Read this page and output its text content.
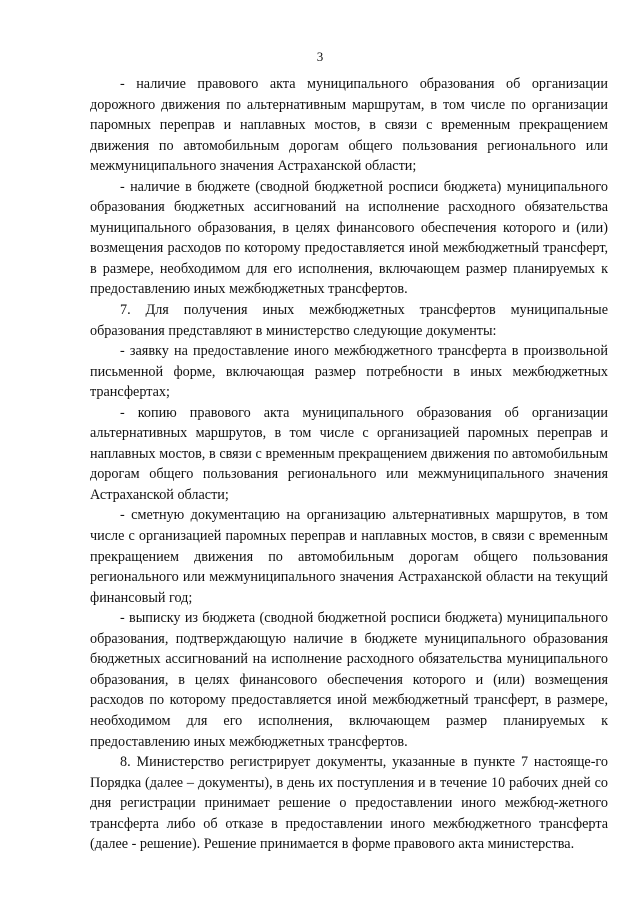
3

- наличие правового акта муниципального образования об организации дорожного движения по альтернативным маршрутам, в том числе по организации паромных переправ и наплавных мостов, в связи с временным прекращением движения по автомобильным дорогам общего пользования регионального или межмуниципального значения Астраханской области;

- наличие в бюджете (сводной бюджетной росписи бюджета) муниципального образования бюджетных ассигнований на исполнение расходного обязательства муниципального образования, в целях финансового обеспечения которого и (или) возмещения расходов по которому предоставляется иной межбюджетный трансферт, в размере, необходимом для его исполнения, включающем размер планируемых к предоставлению иных межбюджетных трансфертов.

7. Для получения иных межбюджетных трансфертов муниципальные образования представляют в министерство следующие документы:

- заявку на предоставление иного межбюджетного трансферта в произвольной письменной форме, включающая размер потребности в иных межбюджетных трансфертах;

- копию правового акта муниципального образования об организации альтернативных маршрутов, в том числе с организацией паромных переправ и наплавных мостов, в связи с временным прекращением движения по автомобильным дорогам общего пользования регионального или межмуниципального значения Астраханской области;

- сметную документацию на организацию альтернативных маршрутов, в том числе с организацией паромных переправ и наплавных мостов, в связи с временным прекращением движения по автомобильным дорогам общего пользования регионального или межмуниципального значения Астраханской области на текущий финансовый год;

- выписку из бюджета (сводной бюджетной росписи бюджета) муниципального образования, подтверждающую наличие в бюджете муниципального образования бюджетных ассигнований на исполнение расходного обязательства муниципального образования, в целях финансового обеспечения которого и (или) возмещения расходов по которому предоставляется иной межбюджетный трансферт, в размере, необходимом для его исполнения, включающем размер планируемых к предоставлению иных межбюджетных трансфертов.

8. Министерство регистрирует документы, указанные в пункте 7 настояще-го Порядка (далее – документы), в день их поступления и в течение 10 рабочих дней со дня регистрации принимает решение о предоставлении иного межбюд-жетного трансферта либо об отказе в предоставлении иного межбюджетного трансферта (далее - решение). Решение принимается в форме правового акта министерства.
